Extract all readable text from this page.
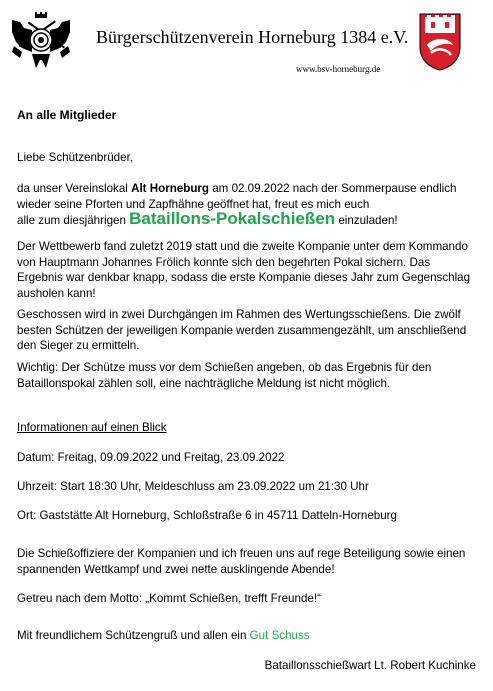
Bürgerschützenverein Horneburg 1384 e.V.
www.bsv-horneburg.de
An alle Mitglieder
Liebe Schützenbrüder,
da unser Vereinslokal Alt Horneburg am 02.09.2022 nach der Sommerpause endlich wieder seine Pforten und Zapfhähne geöffnet hat, freut es mich euch
alle zum diesjährigen Bataillons-Pokalschießen einzuladen!
Der Wettbewerb fand zuletzt 2019 statt und die zweite Kompanie unter dem Kommando von Hauptmann Johannes Frölich konnte sich den begehrten Pokal sichern. Das Ergebnis war denkbar knapp, sodass die erste Kompanie dieses Jahr zum Gegenschlag ausholen kann!
Geschossen wird in zwei Durchgängen im Rahmen des Wertungsschießens. Die zwölf besten Schützen der jeweiligen Kompanie werden zusammengezählt, um anschließend den Sieger zu ermitteln.
Wichtig: Der Schütze muss vor dem Schießen angeben, ob das Ergebnis für den Bataillonspokal zählen soll, eine nachträgliche Meldung ist nicht möglich.
Informationen auf einen Blick
Datum: Freitag, 09.09.2022 und Freitag, 23.09.2022
Uhrzeit: Start 18:30 Uhr, Meldeschluss am 23.09.2022 um 21:30 Uhr
Ort: Gaststätte Alt Horneburg, Schloßstraße 6 in 45711 Datteln-Horneburg
Die Schießoffiziere der Kompanien und ich freuen uns auf rege Beteiligung sowie einen spannenden Wettkampf und zwei nette ausklingende Abende!
Getreu nach dem Motto: „Kommt Schießen, trefft Freunde!“
Mit freundlichem Schützengruß und allen ein Gut Schuss
Bataillonsschießwart Lt. Robert Kuchinke
